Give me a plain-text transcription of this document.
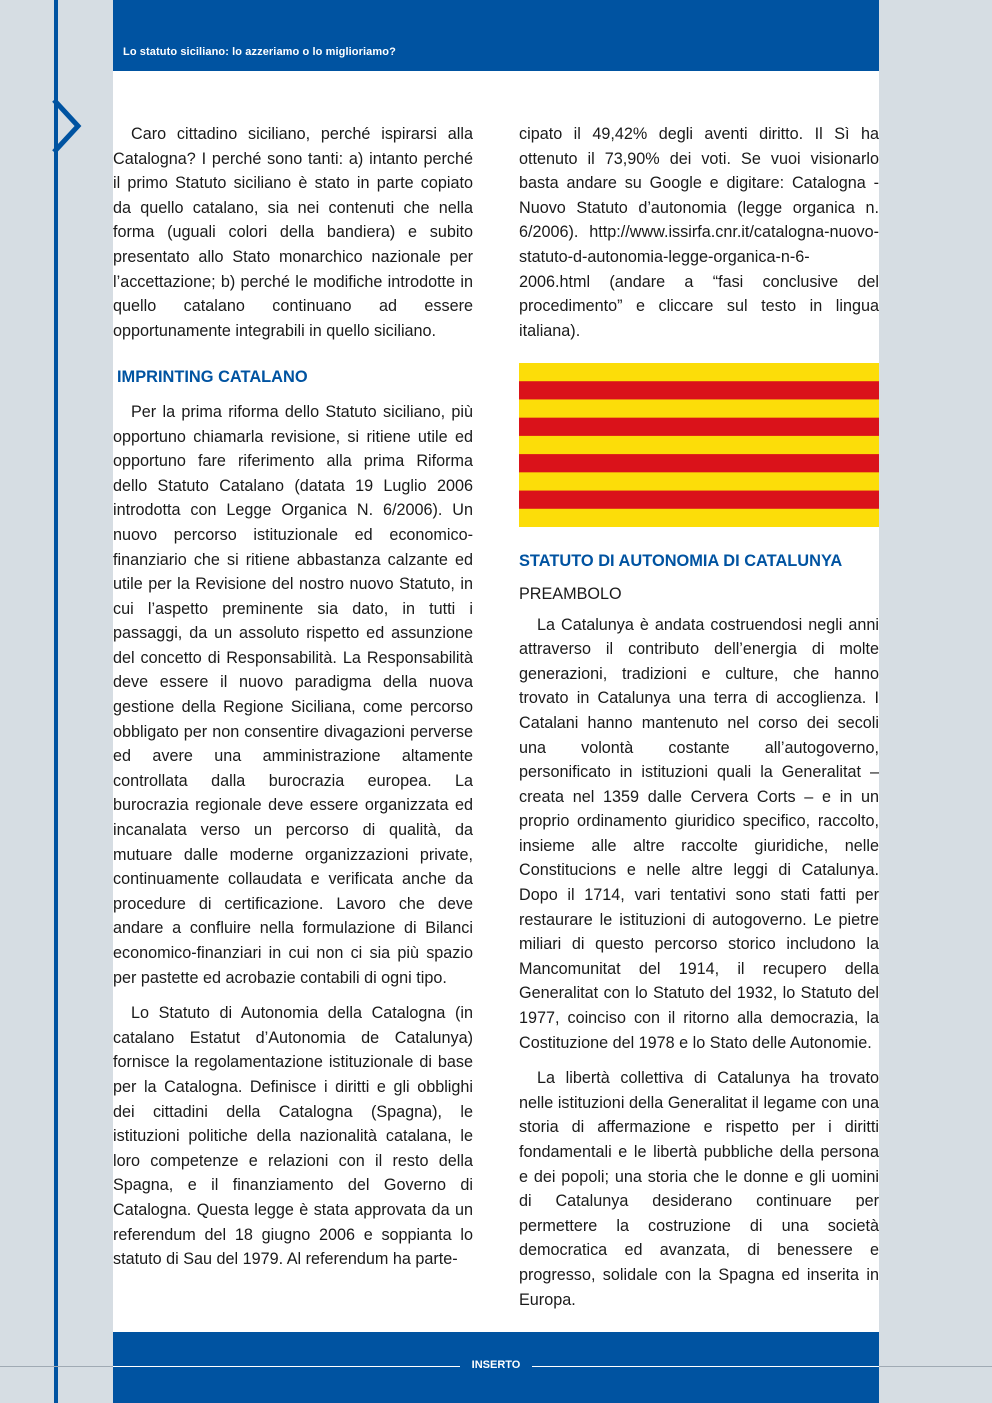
Lo statuto siciliano: lo azzeriamo o lo miglioriamo?

Caro cittadino siciliano, perché ispirarsi alla Catalogna? I perché sono tanti: a) intanto perché il primo Statuto siciliano è stato in parte copiato da quello catalano, sia nei contenuti che nella forma (uguali colori della bandiera) e subito presentato allo Stato monarchico nazionale per l’accettazione; b) perché le modifiche introdotte in quello catalano continuano ad essere opportunamente integrabili in quello siciliano.

IMPRINTING CATALANO

Per la prima riforma dello Statuto siciliano, più opportuno chiamarla revisione, si ritiene utile ed opportuno fare riferimento alla prima Riforma dello Statuto Catalano (datata 19 Luglio 2006 introdotta con Legge Organica N. 6/2006). Un nuovo percorso istituzionale ed economico-finanziario che si ritiene abbastanza calzante ed utile per la Revisione del nostro nuovo Statuto, in cui l’aspetto preminente sia dato, in tutti i passaggi, da un assoluto rispetto ed assunzione del concetto di Responsabilità. La Responsabilità deve essere il nuovo paradigma della nuova gestione della Regione Siciliana, come percorso obbligato per non consentire divagazioni perverse ed avere una amministrazione altamente controllata dalla burocrazia europea. La burocrazia regionale deve essere organizzata ed incanalata verso un percorso di qualità, da mutuare dalle moderne organizzazioni private, continuamente collaudata e verificata anche da procedure di certificazione. Lavoro che deve andare a confluire nella formulazione di Bilanci economico-finanziari in cui non ci sia più spazio per pastette ed acrobazie contabili di ogni tipo.

Lo Statuto di Autonomia della Catalogna (in catalano Estatut d’Autonomia de Catalunya) fornisce la regolamentazione istituzionale di base per la Catalogna. Definisce i diritti e gli obblighi dei cittadini della Catalogna (Spagna), le istituzioni politiche della nazionalità catalana, le loro competenze e relazioni con il resto della Spagna, e il finanziamento del Governo di Catalogna. Questa legge è stata approvata da un referendum del 18 giugno 2006 e soppianta lo statuto di Sau del 1979. Al referendum ha parte-

cipato il 49,42% degli aventi diritto. Il Sì ha ottenuto il 73,90% dei voti. Se vuoi visionarlo basta andare su Google e digitare: Catalogna - Nuovo Statuto d’autonomia (legge organica n. 6/2006). http://www.issirfa.cnr.it/catalogna-nuovo-statuto-d-autonomia-legge-organica-n-6-2006.html (andare a “fasi conclusive del procedimento” e cliccare sul testo in lingua italiana).

STATUTO DI AUTONOMIA DI CATALUNYA
PREAMBOLO

La Catalunya è andata costruendosi negli anni attraverso il contributo dell’energia di molte generazioni, tradizioni e culture, che hanno trovato in Catalunya una terra di accoglienza. I Catalani hanno mantenuto nel corso dei secoli una volontà costante all’autogoverno, personificato in istituzioni quali la Generalitat – creata nel 1359 dalle Cervera Corts – e in un proprio ordinamento giuridico specifico, raccolto, insieme alle altre raccolte giuridiche, nelle Constitucions e nelle altre leggi di Catalunya. Dopo il 1714, vari tentativi sono stati fatti per restaurare le istituzioni di autogoverno. Le pietre miliari di questo percorso storico includono la Mancomunitat del 1914, il recupero della Generalitat con lo Statuto del 1932, lo Statuto del 1977, coinciso con il ritorno alla democrazia, la Costituzione del 1978 e lo Stato delle Autonomie.

La libertà collettiva di Catalunya ha trovato nelle istituzioni della Generalitat il legame con una storia di affermazione e rispetto per i diritti fondamentali e le libertà pubbliche della persona e dei popoli; una storia che le donne e gli uomini di Catalunya desiderano continuare per permettere la costruzione di una società democratica ed avanzata, di benessere e progresso, solidale con la Spagna ed inserita in Europa.

INSERTO
